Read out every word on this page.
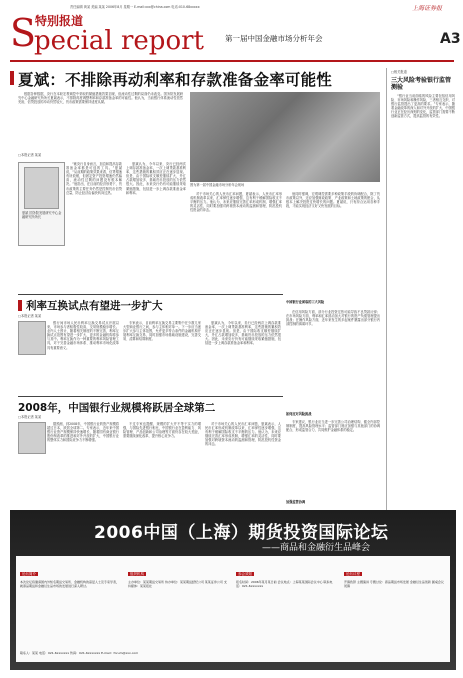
责任编辑 黄某 美编 某某 2006年8月 星期一 E-mail:xxx@china.com 电话:010-68xxxxx	上海证券报
S
特别报道
pecial report	第一届中国金融市场分析年会	A3
夏斌：不排除再动利率和存款准备金率可能性

根据各种数据，央行在本轮宏观调控中采取的紧缩措施效果初现，但流动性过剩的局面仍未改变。国务院发展研究中心金融研究所所长夏斌表示，不排除再度调整利率和存款准备金率的可能性。他认为，当前银行体系流动性依然充裕，信贷投放的冲动仍然较大，货币政策需要保持适度从紧。

图为第一届中国金融市场分析年会现场
□本报记者 某某
夏斌 国务院发展研究中心金融研究所所长

“就央行自身而言，加息和提高存款准备金率都是可选的工具。”夏斌说，“从前期的政策效果来看，信贷增速有所放缓，但固定资产投资增速仍然偏高，流动性过剩的问题没有根本解决。”他指出，在目前的经济形势下，货币政策的主要任务仍然是控制货币信贷总量，防止经济由偏快转向过热。

夏斌认为，今年以来，央行已经两次上调存款准备金率，一次上调贷款基准利率，这些措施的累积效应正在逐步显现。但是，由于国际收支顺差继续扩大，外汇占款增加较多，基础货币投放的压力依然很大。因此，未来央行仍有可能继续采取紧缩措施，包括进一步上调存款准备金率和利率。	对于市场关心的人民币汇率问题，夏斌表示，人民币汇率形成机制改革以来，汇率弹性逐步增强，这有利于缓解国际收支不平衡的压力。他认为，未来应继续完善汇率形成机制，增强汇率的灵活性，同时要加强对跨境资本流动的监测和管理，防范投机性资金的冲击。

他同时强调，宏观调控需要多种政策手段的协调配合，除了货币政策以外，还应加强财政政策、产业政策和土地政策的配合，从根本上解决投资过快增长的问题。夏斌说，只有综合运用各种手段，才能实现经济又好又快发展的目标。

□相关报道
三大风险考验银行监管测验

“银行业当前面临的风险主要包括信用风险、市场风险和操作风险，三者相互交织，对银行监管提出了更高的要求。”专家表示，随着金融改革的深入和对外开放的扩大，中国银行业正在经历深刻的变化，监管部门需要不断创新监管方式，提高监管的有效性。

中国银行业面临的三大风险

在信用风险方面，部分行业投资过热可能导致不良贷款反弹；在市场风险方面，利率和汇率波动加大对银行的资产负债管理提出挑战；在操作风险方面，近年来发生的多起案件暴露出部分银行内部控制的薄弱环节。

如何应对风险挑战

专家建议，银行业应当进一步完善公司治理结构，健全内部控制制度，提高风险管理水平；监管部门则应加强与其他部门的协调配合，形成监管合力，共同维护金融体系的稳定。

加强监管协调
利率互换试点有望进一步扩大
□本报记者 某某

银行间市场人民币利率互换交易试点开展以来，市场参与者积极性较高，交易规模稳步增长。业内人士预计，随着相关制度的不断完善，利率互换试点范围有望进一步扩大，更多的金融机构将参与其中。利率互换作为一种重要的利率风险管理工具，对于完善金融市场体系、推动利率市场化改革具有重要意义。

专家表示，目前利率互换交易主要集中在少数几家大型商业银行之间，参与主体相对单一。下一步应当逐步扩大参与主体范围，允许更多符合条件的金融机构开展利率互换交易，同时加强市场基础设施建设，完善交易、清算和结算制度。

夏斌认为，今年以来，央行已经两次上调存款准备金率，一次上调贷款基准利率，这些措施的累积效应正在逐步显现。但是，由于国际收支顺差继续扩大，外汇占款增加较多，基础货币投放的压力依然很大。因此，未来央行仍有可能继续采取紧缩措施，包括进一步上调存款准备金率和利率。

2008年，中国银行业规模将跃居全球第二
□本报记者 某某

据预测，到2008年，中国银行业的资产规模将超过日本，跃居全球第二。专家表示，近年来中国银行业资产规模保持快速增长，随着国有商业银行股份制改革的推进和对外开放的扩大，中国银行业的整体实力和国际竞争力不断增强。

不过专家也提醒，规模的扩大并不等于实力的增强，与国际先进银行相比，中国银行业在盈利能力、风险管理、产品创新和公司治理等方面仍存在较大差距，需要继续深化改革，提升核心竞争力。

对于市场关心的人民币汇率问题，夏斌表示，人民币汇率形成机制改革以来，汇率弹性逐步增强，这有利于缓解国际收支不平衡的压力。他认为，未来应继续完善汇率形成机制，增强汇率的灵活性，同时要加强对跨境资本流动的监测和管理，防范投机性资金的冲击。

2006中国（上海）期货投资国际论坛
——商品和金融衍生品峰会
论坛简介
本次论坛将邀请国内外知名期货交易所、金融机构的高层人士及专家学者，就商品期货和金融衍生品市场的发展进行深入研讨。
组织机构
主办单位：某某期货交易所 协办单位：某某期货经纪公司 某某证券公司 支持媒体：某某报社
参会须知
报名时间：2006年某月某日前 会议地点：上海某某国际会议中心 联系电话：021-6xxxxxxx
论坛议程
开幕致辞 主题演讲 专题讨论：商品期货市场发展 金融衍生品创新 圆桌会议 闭幕
联系人：某某 电话：021-6xxxxxxx 传真：021-6xxxxxxx E-mail：forum@xxx.com
